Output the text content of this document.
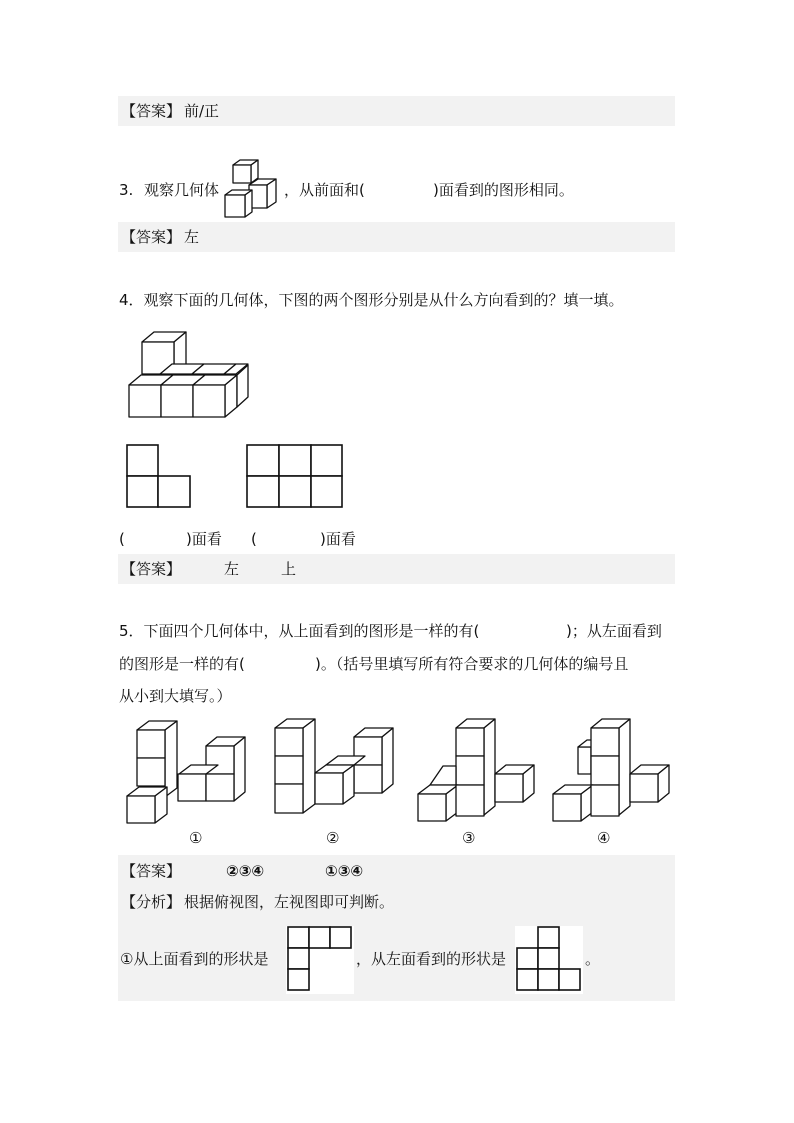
【答案】 前/正
3. 观察几何体	，从前面和(	)面看到的图形相同。
【答案】 左
4．观察下面的几何体，下图的两个图形分别是从什么方向看到的？填一填。
(	)面看 (	)面看
【答案】	左	上
5．下面四个几何体中，从上面看到的图形是一样的有(	)；从左面看到
的图形是一样的有(	)。（括号里填写所有符合要求的几何体的编号且
从小到大填写。）
①	②	③	④
【答案】	②③④	①③④
【分析】 根据俯视图，左视图即可判断。
①从上面看到的形状是	，从左面看到的形状是	。
